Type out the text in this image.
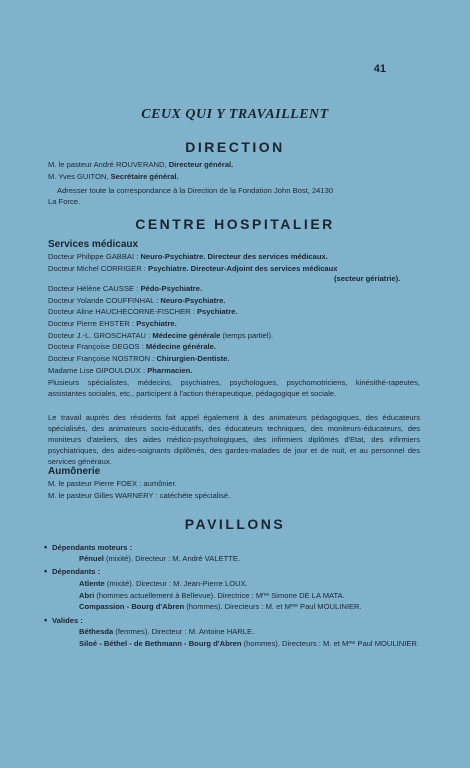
41
CEUX QUI Y TRAVAILLENT
DIRECTION
M. le pasteur André ROUVERAND, Directeur général.
M. Yves GUITON, Secrétaire général.
Adresser toute la correspondance à la Direction de la Fondation John Bost, 24130
La Force.
CENTRE HOSPITALIER
Services médicaux
Docteur Philippe GABBAI : Neuro-Psychiatre. Directeur des services médicaux.
Docteur Michel CORRIGER : Psychiatre. Directeur-Adjoint des services médicaux
(secteur gériatrie).
Docteur Hélène CAUSSE : Pédo-Psychiatre.
Docteur Yolande COUFFINHAL : Neuro-Psychiatre.
Docteur Aline HAUCHECORNE-FISCHER : Psychiatre.
Docteur Pierre EHSTER : Psychiatre.
Docteur J.-L. GROSCHATAU : Médecine générale (temps partiel).
Docteur Françoise DEGOS : Médecine générale.
Docteur Françoise NOSTRON : Chirurgien-Dentiste.
Madame Lise GIPOULOUX : Pharmacien.
Plusieurs spécialistes, médecins, psychiatres, psychologues, psychomotriciens, kinésithé-rapeutes, assistantes sociales, etc., participent à l'action thérapeutique, pédagogique et sociale.
Le travail auprès des résidents fait appel également à des animateurs pédagogiques, des éducateurs spécialisés, des animateurs socio-éducatifs, des éducateurs techniques, des moniteurs-éducateurs, des moniteurs d'ateliers, des aides médico-psychologiques, des infirmiers diplômés d'Etat, des infirmiers psychiatriques, des aides-soignants diplômés, des gardes-malades de jour et de nuit, et au personnel des services généraux.
Aumônerie
M. le pasteur Pierre FOEX : aumônier.
M. le pasteur Gilles WARNERY : catéchète spécialisé.
PAVILLONS
• Dépendants moteurs :
Pénuel (mixité). Directeur : M. André VALETTE.
• Dépendants :
Atlente (mixité). Directeur : M. Jean-Pierre LOUX.
Abri (hommes actuellement à Bellevue). Directrice : $M^{me}$ Simone DE LA MATA.
Compassion - Bourg d'Abren (hommes). Directeurs : M. et $M^{me}$ Paul MOULINIER.
• Valides :
Béthesda (femmes). Directeur : M. Antoine HARLE.
Siloé - Béthel - de Bethmann - Bourg d'Abren (hommes). Directeurs : M. et $M^{me}$ Paul MOULINIER.
